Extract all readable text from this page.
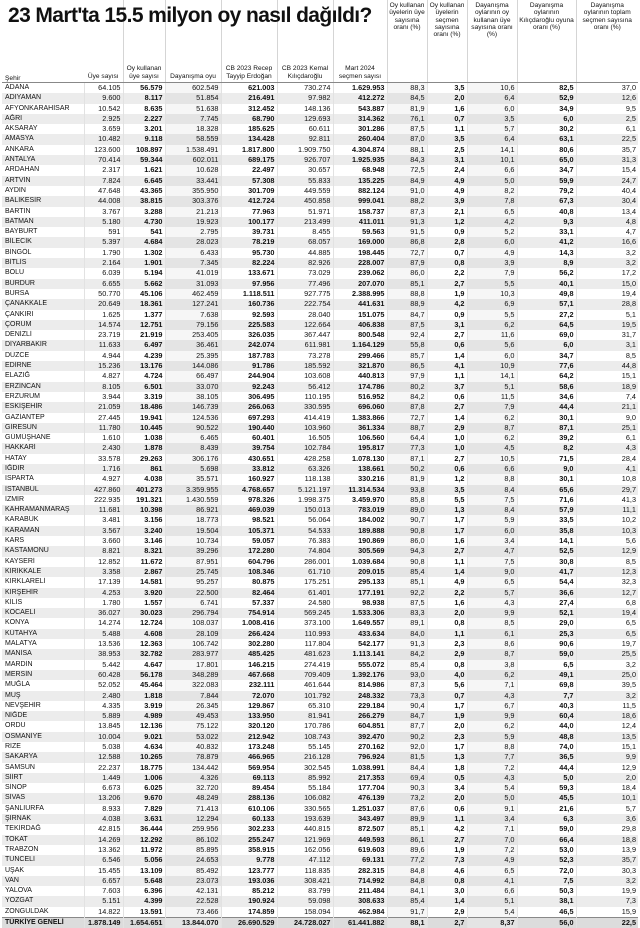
Şehir	Üye sayısı	Oy kullanan üye sayısı	Dayanışma oyu	CB 2023 Recep Tayyip Erdoğan	CB 2023 Kemal Kılıçdaroğlu	Mart 2024 seçmen sayısı	Oy kullanan üyelerin üye sayısına oranı (%)	Oy kullanan üyelerin seçmen sayısına oranı (%)	Dayanışma oylarının oy kullanan üye sayısına oranı (%)	Dayanışma oylarının Kılıçdaroğlu oyuna oranı (%)	Dayanışma oylarının toplam seçmen sayısına oranı (%)
ADANA	64.105	56.579	602.549	621.003	730.274	1.629.953	88,3	3,5	10,6	82,5	37,0
ADIYAMAN	9.600	8.117	51.854	216.491	97.982	412.272	84,5	2,0	6,4	52,9	12,6
AFYONKARAHİSAR	10.542	8.635	51.638	312.452	148.136	543.887	81,9	1,6	6,0	34,9	9,5
AĞRI	2.925	2.227	7.745	68.790	129.693	314.362	76,1	0,7	3,5	6,0	2,5
AKSARAY	3.659	3.201	18.328	185.625	60.611	301.286	87,5	1,1	5,7	30,2	6,1
AMASYA	10.482	9.118	58.559	134.428	92.811	260.404	87,0	3,5	6,4	63,1	22,5
ANKARA	123.600	108.897	1.538.491	1.817.800	1.909.750	4.304.874	88,1	2,5	14,1	80,6	35,7
ANTALYA	70.414	59.344	602.011	689.175	926.707	1.925.935	84,3	3,1	10,1	65,0	31,3
ARDAHAN	2.317	1.621	10.628	22.497	30.657	68.948	72,5	2,4	6,6	34,7	15,4
ARTVİN	7.824	6.645	33.441	57.308	55.833	135.225	84,9	4,9	5,0	59,9	24,7
AYDIN	47.648	43.365	355.950	301.709	449.559	882.124	91,0	4,9	8,2	79,2	40,4
BALIKESİR	44.008	38.815	303.376	412.724	450.858	999.041	88,2	3,9	7,8	67,3	30,4
BARTIN	3.767	3.288	21.213	77.963	51.971	158.737	87,3	2,1	6,5	40,8	13,4
BATMAN	5.180	4.730	19.923	100.177	213.499	411.011	91,3	1,2	4,2	9,3	4,8
BAYBURT	591	541	2.795	39.731	8.455	59.563	91,5	0,9	5,2	33,1	4,7
BİLECİK	5.397	4.684	28.023	78.219	68.057	169.000	86,8	2,8	6,0	41,2	16,6
BİNGÖL	1.790	1.302	6.433	95.730	44.885	198.445	72,7	0,7	4,9	14,3	3,2
BİTLİS	2.164	1.901	7.345	82.224	82.926	228.007	87,9	0,8	3,9	8,9	3,2
BOLU	6.039	5.194	41.019	133.671	73.029	239.062	86,0	2,2	7,9	56,2	17,2
BURDUR	6.655	5.662	31.093	97.956	77.496	207.070	85,1	2,7	5,5	40,1	15,0
BURSA	50.770	45.106	462.459	1.118.511	927.775	2.388.995	88,8	1,9	10,3	49,8	19,4
ÇANAKKALE	20.649	18.361	127.241	160.736	222.754	441.631	88,9	4,2	6,9	57,1	28,8
ÇANKIRI	1.625	1.377	7.638	92.593	28.040	151.075	84,7	0,9	5,5	27,2	5,1
ÇORUM	14.574	12.751	79.156	225.583	122.664	406.838	87,5	3,1	6,2	64,5	19,5
DENİZLİ	23.719	21.919	253.405	326.035	367.447	800.548	92,4	2,7	11,6	69,0	31,7
DİYARBAKIR	11.633	6.497	36.461	242.074	611.981	1.164.129	55,8	0,6	5,6	6,0	3,1
DÜZCE	4.944	4.239	25.395	187.783	73.278	299.466	85,7	1,4	6,0	34,7	8,5
EDİRNE	15.236	13.176	144.086	91.786	185.592	321.870	86,5	4,1	10,9	77,6	44,8
ELAZIĞ	4.827	4.724	66.497	244.904	103.608	440.813	97,9	1,1	14,1	64,2	15,1
ERZİNCAN	8.105	6.501	33.070	92.243	56.412	174.786	80,2	3,7	5,1	58,6	18,9
ERZURUM	3.944	3.319	38.105	306.495	110.195	516.952	84,2	0,6	11,5	34,6	7,4
ESKİŞEHİR	21.059	18.486	146.739	266.063	330.595	696.060	87,8	2,7	7,9	44,4	21,1
GAZİANTEP	27.445	19.941	124.536	697.293	414.419	1.383.866	72,7	1,4	6,2	30,1	9,0
GİRESUN	11.780	10.445	90.522	190.440	103.960	361.334	88,7	2,9	8,7	87,1	25,1
GÜMÜŞHANE	1.610	1.038	6.465	60.401	16.505	106.560	64,4	1,0	6,2	39,2	6,1
HAKKARİ	2.430	1.878	8.439	39.754	102.784	195.817	77,3	1,0	4,5	8,2	4,3
HATAY	33.578	29.263	306.176	430.651	428.258	1.078.130	87,1	2,7	10,5	71,5	28,4
IĞDIR	1.716	861	5.698	33.812	63.326	138.661	50,2	0,6	6,6	9,0	4,1
ISPARTA	4.927	4.038	35.571	160.927	118.138	330.216	81,9	1,2	8,8	30,1	10,8
İSTANBUL	427.860	401.273	3.359.955	4.768.657	5.121.197	11.314.534	93,8	3,5	8,4	65,6	29,7
İZMİR	222.935	191.321	1.430.559	978.326	1.998.375	3.459.970	85,8	5,5	7,5	71,6	41,3
KAHRAMANMARAŞ	11.681	10.398	86.921	469.039	150.013	783.019	89,0	1,3	8,4	57,9	11,1
KARABÜK	3.481	3.156	18.773	98.521	56.064	184.002	90,7	1,7	5,9	33,5	10,2
KARAMAN	3.567	3.240	19.504	105.371	54.533	189.888	90,8	1,7	6,0	35,8	10,3
KARS	3.660	3.146	10.734	59.057	76.383	190.869	86,0	1,6	3,4	14,1	5,6
KASTAMONU	8.821	8.321	39.296	172.280	74.804	305.569	94,3	2,7	4,7	52,5	12,9
KAYSERİ	12.852	11.672	87.951	604.796	286.001	1.039.684	90,8	1,1	7,5	30,8	8,5
KIRIKKALE	3.358	2.867	25.745	108.346	61.710	209.015	85,4	1,4	9,0	41,7	12,3
KIRKLARELİ	17.139	14.581	95.257	80.875	175.251	295.133	85,1	4,9	6,5	54,4	32,3
KIRŞEHİR	4.253	3.920	22.500	82.464	61.401	177.191	92,2	2,2	5,7	36,6	12,7
KİLİS	1.780	1.557	6.741	57.337	24.580	98.938	87,5	1,6	4,3	27,4	6,8
KOCAELİ	36.027	30.023	296.794	754.914	569.245	1.533.306	83,3	2,0	9,9	52,1	19,4
KONYA	14.274	12.724	108.037	1.008.416	373.100	1.649.557	89,1	0,8	8,5	29,0	6,5
KÜTAHYA	5.488	4.608	28.109	266.424	110.993	433.634	84,0	1,1	6,1	25,3	6,5
MALATYA	13.536	12.363	106.742	302.280	117.804	542.177	91,3	2,3	8,6	90,6	19,7
MANİSA	38.953	32.782	283.977	485.425	481.623	1.113.141	84,2	2,9	8,7	59,0	25,5
MARDİN	5.442	4.647	17.801	146.215	274.419	555.072	85,4	0,8	3,8	6,5	3,2
MERSİN	60.428	56.178	348.289	467.668	709.409	1.392.176	93,0	4,0	6,2	49,1	25,0
MUĞLA	52.052	45.464	322.083	232.111	461.644	814.986	87,3	5,6	7,1	69,8	39,5
MUŞ	2.480	1.818	7.844	72.070	101.792	248.332	73,3	0,7	4,3	7,7	3,2
NEVŞEHİR	4.335	3.919	26.345	129.867	65.310	229.184	90,4	1,7	6,7	40,3	11,5
NİĞDE	5.889	4.989	49.453	133.950	81.941	266.279	84,7	1,9	9,9	60,4	18,6
ORDU	13.845	12.136	75.122	320.120	170.786	604.851	87,7	2,0	6,2	44,0	12,4
OSMANİYE	10.004	9.021	53.022	212.942	108.743	392.470	90,2	2,3	5,9	48,8	13,5
RİZE	5.038	4.634	40.832	173.248	55.145	270.162	92,0	1,7	8,8	74,0	15,1
SAKARYA	12.588	10.265	78.879	466.965	216.128	796.924	81,5	1,3	7,7	36,5	9,9
SAMSUN	22.237	18.775	134.442	569.954	302.545	1.038.991	84,4	1,8	7,2	44,4	12,9
SİİRT	1.449	1.006	4.326	69.113	85.992	217.353	69,4	0,5	4,3	5,0	2,0
SİNOP	6.673	6.025	32.720	89.454	55.184	177.704	90,3	3,4	5,4	59,3	18,4
SİVAS	13.206	9.670	48.249	288.136	106.082	476.139	73,2	2,0	5,0	45,5	10,1
ŞANLIURFA	8.933	7.829	71.413	610.106	330.565	1.251.037	87,6	0,6	9,1	21,6	5,7
ŞIRNAK	4.038	3.631	12.294	60.133	193.639	343.497	89,9	1,1	3,4	6,3	3,6
TEKİRDAĞ	42.815	36.444	259.956	302.233	440.815	872.507	85,1	4,2	7,1	59,0	29,8
TOKAT	14.269	12.292	86.102	255.247	121.969	449.593	86,1	2,7	7,0	66,4	18,8
TRABZON	13.362	11.972	85.895	358.915	162.056	619.603	89,6	1,9	7,2	53,0	13,9
TUNCELİ	6.546	5.056	24.653	9.778	47.112	69.131	77,2	7,3	4,9	52,3	35,7
UŞAK	15.455	13.109	85.492	123.777	118.835	282.315	84,8	4,6	6,5	72,0	30,3
VAN	6.657	5.648	23.073	193.036	308.421	714.992	84,8	0,8	4,1	7,5	3,2
YALOVA	7.603	6.396	42.131	85.212	83.799	211.484	84,1	3,0	6,6	50,3	19,9
YOZGAT	5.151	4.399	22.528	190.924	59.098	308.633	85,4	1,4	5,1	38,1	7,3
ZONGULDAK	14.822	13.591	73.466	174.859	158.094	462.984	91,7	2,9	5,4	46,5	15,9
TÜRKİYE GENELİ	1.878.149	1.654.651	13.844.070	26.690.529	24.728.027	61.441.882	88,1	2,7	8,37	56,0	22,5
23 Mart'ta 15.5 milyon oy nasıl dağıldı?
